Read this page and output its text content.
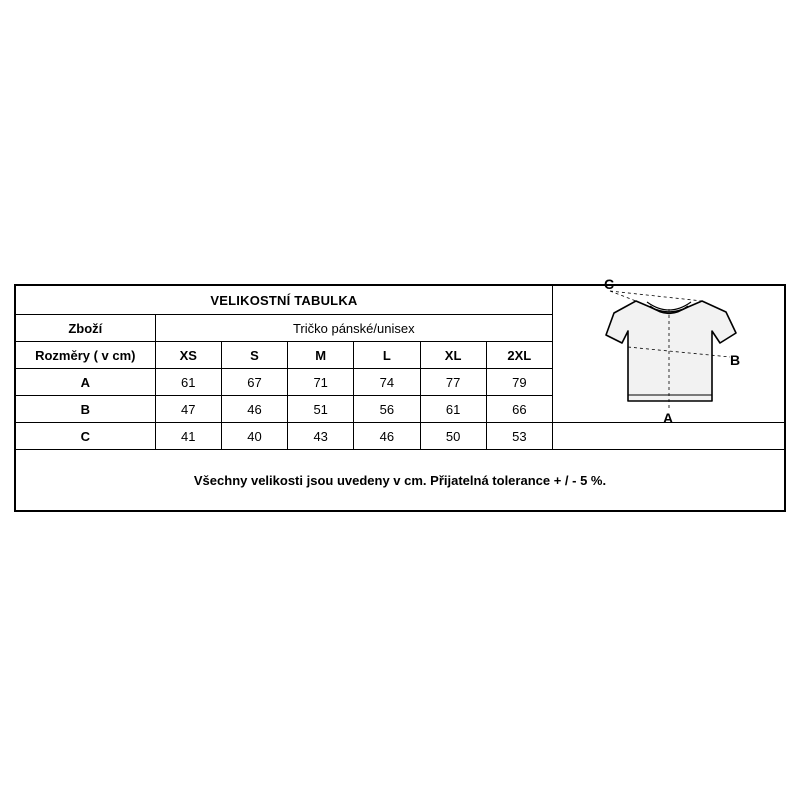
VELIKOSTNÍ TABULKA							C
B
A

Zboží	Tričko pánské/unisex						
Rozměry ( v cm)	XS	S	M	L	XL	2XL	
A	61	67	71	74	77	79	
B	47	46	51	56	61	66	
C	41	40	43	46	50	53	
Všechny velikosti jsou uvedeny v cm. Přijatelná tolerance + / - 5 %.							
